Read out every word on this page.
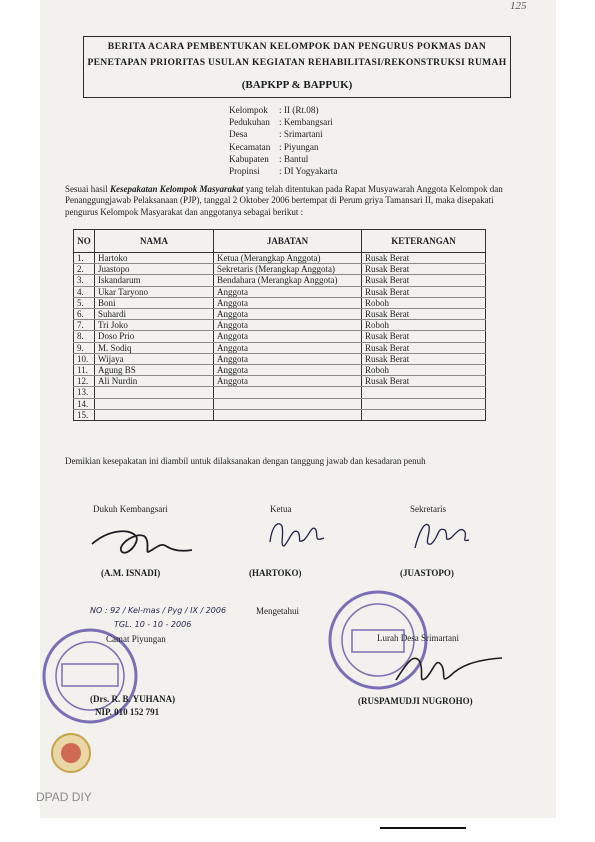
125
BERITA ACARA PEMBENTUKAN KELOMPOK DAN PENGURUS POKMAS DAN
PENETAPAN PRIORITAS USULAN KEGIATAN REHABILITASI/REKONSTRUKSI RUMAH
(BAPKPP & BAPPUK)
Kelompok	: II (Rt.08)
Pedukuhan : Kembangsari
Desa	: Srimartani
Kecamatan : Piyungan
Kabupaten	: Bantul
Propinsi	: DI Yogyakarta
Sesuai hasil Kesepakatan Kelompok Masyarakat yang telah ditentukan pada Rapat Musyawarah Anggota Kelompok dan Penanggungjawab Pelaksanaan (PJP), tanggal 2 Oktober 2006 bertempat di Perum griya Tamansari II, maka disepakati pengurus Kelompok Masyarakat dan anggotanya sebagai berikut :
NO	NAMA	JABATAN	KETERANGAN
1.	Hartoko	Ketua (Merangkap Anggota)	Rusak Berat
2.	Juastopo	Sekretaris (Merangkap Anggota)	Rusak Berat
3.	Iskandarum	Bendahara (Merangkap Anggota)	Rusak Berat
4.	Ukar Taryono	Anggota	Rusak Berat
5.	Boni	Anggota	Roboh
6.	Suhardi	Anggota	Rusak Berat
7.	Tri Joko	Anggota	Roboh
8.	Doso Prio	Anggota	Rusak Berat
9.	M. Sodiq	Anggota	Rusak Berat
10.	Wijaya	Anggota	Rusak Berat
11.	Agung BS	Anggota	Roboh
12.	Ali Nurdin	Anggota	Rusak Berat
13.			
14.			
15.			
Demikian kesepakatan ini diambil untuk dilaksanakan dengan tanggung jawab dan kesadaran penuh
Dukuh Kembangsari
(A.M. ISNADI)
Ketua
(HARTOKO)
Sekretaris
(JUASTOPO)
NO : 92 / Kel-mas / Pyg / IX / 2006
TGL. 10 - 10 - 2006
Mengetahui
Camat Piyungan
(Drs. R. B. YUHANA)
NIP. 010 152 791
Lurah Desa Srimartani
(RUSPAMUDJI NUGROHO)
DPAD DIY
